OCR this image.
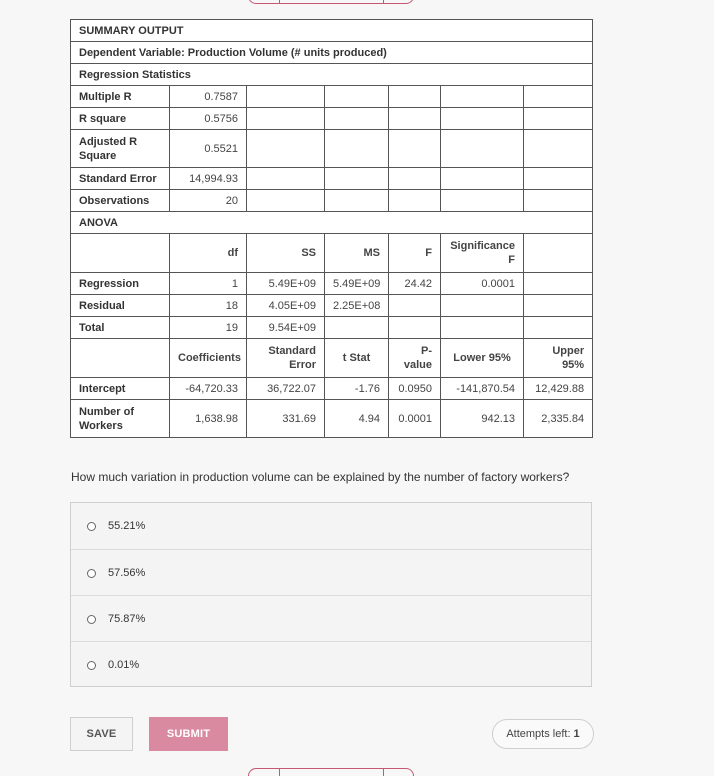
SUMMARY OUTPUT						
Dependent Variable: Production Volume (# units produced)						
Regression Statistics						
Multiple R	0.7587					
R square	0.5756					
Adjusted R Square	0.5521					
Standard Error	14,994.93					
Observations	20					
ANOVA						
	df	SS	MS	F	Significance F	
Regression	1	5.49E+09	5.49E+09	24.42	0.0001	
Residual	18	4.05E+09	2.25E+08			
Total	19	9.54E+09				
	Coefficients	Standard Error	t Stat	P-value	Lower 95%	Upper 95%
Intercept	-64,720.33	36,722.07	-1.76	0.0950	-141,870.54	12,429.88
Number of Workers	1,638.98	331.69	4.94	0.0001	942.13	2,335.84
How much variation in production volume can be explained by the number of factory workers?
55.21%
57.56%
75.87%
0.01%
SAVE	SUBMIT	Attempts left: 1
